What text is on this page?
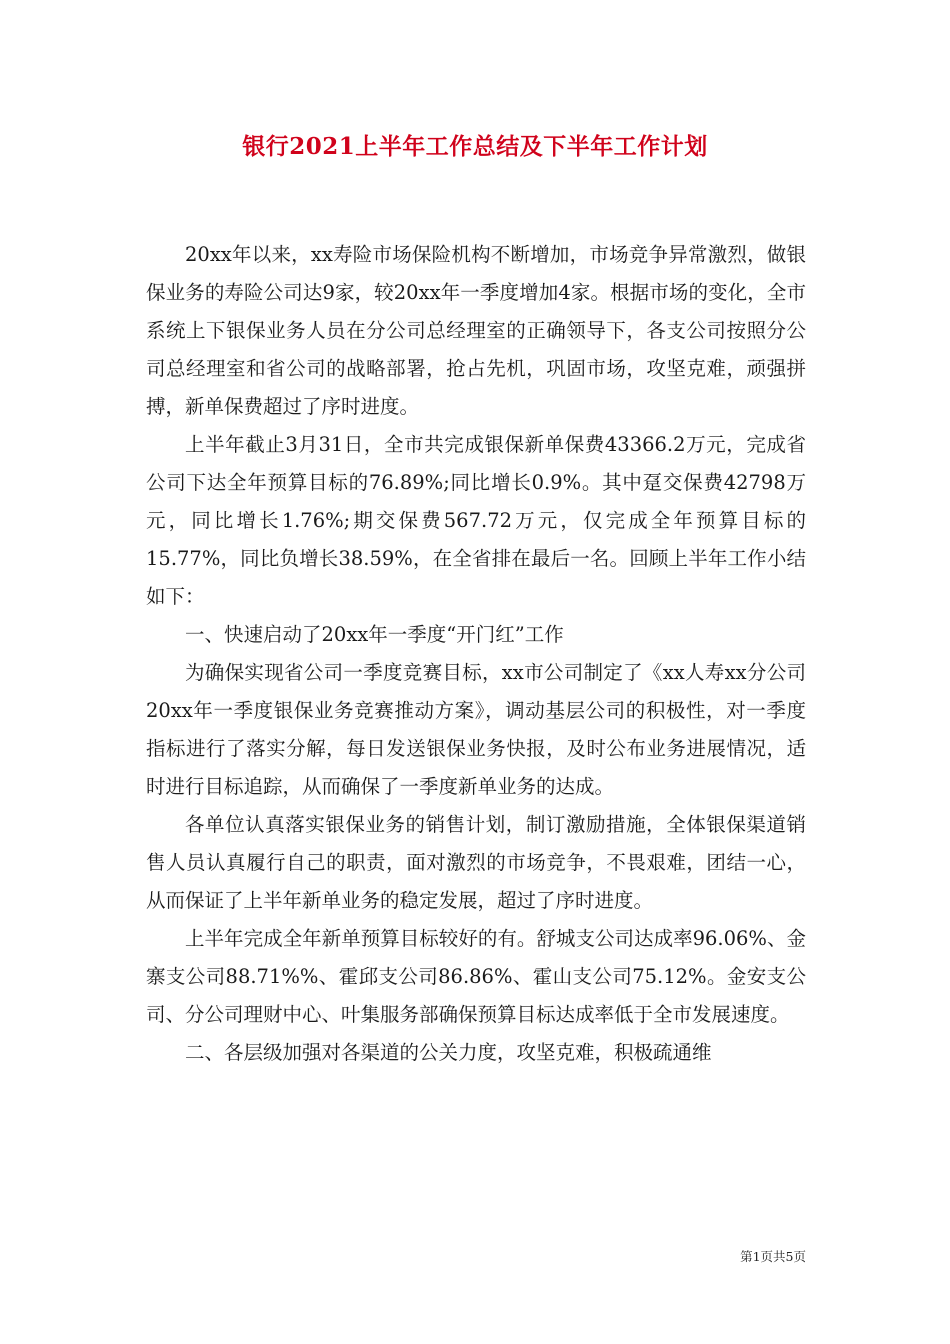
银行2021上半年工作总结及下半年工作计划

20xx年以来，xx寿险市场保险机构不断增加，市场竞争异常激烈，做银保业务的寿险公司达9家，较20xx年一季度增加4家。根据市场的变化，全市系统上下银保业务人员在分公司总经理室的正确领导下，各支公司按照分公司总经理室和省公司的战略部署，抢占先机，巩固市场，攻坚克难，顽强拼搏，新单保费超过了序时进度。

上半年截止3月31日，全市共完成银保新单保费43366.2万元，完成省公司下达全年预算目标的76.89%;同比增长0.9%。其中趸交保费42798万元，同比增长1.76%;期交保费567.72万元，仅完成全年预算目标的15.77%，同比负增长38.59%，在全省排在最后一名。回顾上半年工作小结如下：

一、快速启动了20xx年一季度“开门红”工作

为确保实现省公司一季度竞赛目标，xx市公司制定了《xx人寿xx分公司20xx年一季度银保业务竞赛推动方案》，调动基层公司的积极性，对一季度指标进行了落实分解，每日发送银保业务快报，及时公布业务进展情况，适时进行目标追踪，从而确保了一季度新单业务的达成。

各单位认真落实银保业务的销售计划，制订激励措施，全体银保渠道销售人员认真履行自己的职责，面对激烈的市场竞争，不畏艰难，团结一心，从而保证了上半年新单业务的稳定发展，超过了序时进度。

上半年完成全年新单预算目标较好的有。舒城支公司达成率96.06%、金寨支公司88.71%%、霍邱支公司86.86%、霍山支公司75.12%。金安支公司、分公司理财中心、叶集服务部确保预算目标达成率低于全市发展速度。

二、各层级加强对各渠道的公关力度，攻坚克难，积极疏通维

第1页共5页
